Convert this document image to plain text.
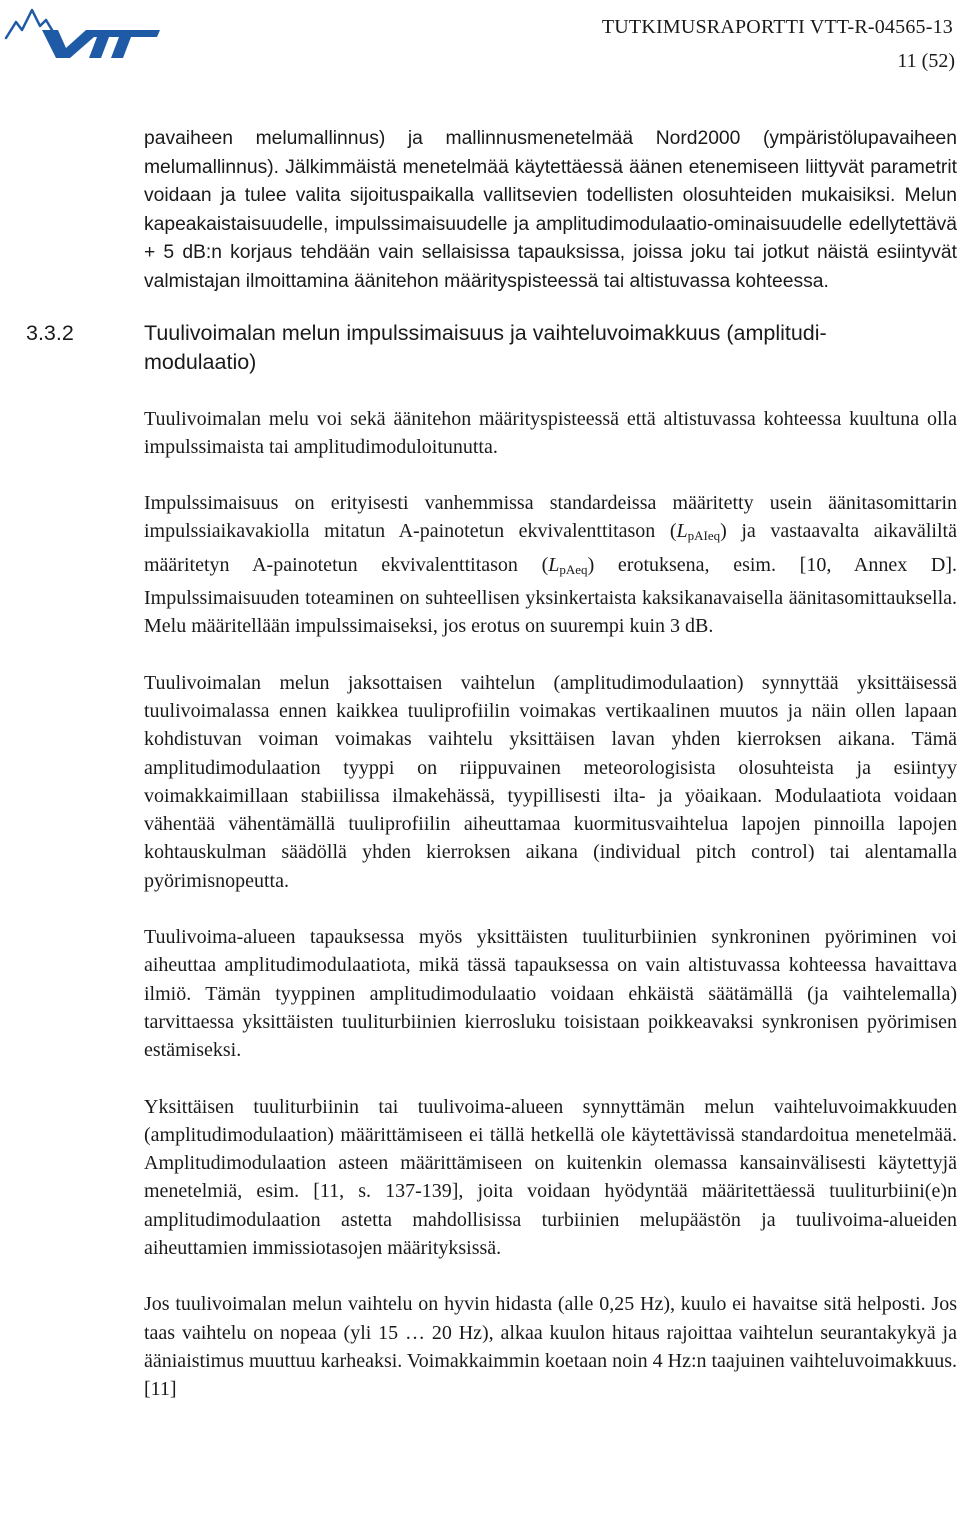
TUTKIMUSRAPORTTI VTT-R-04565-13
11 (52)

pavaiheen melumallinnus) ja mallinnusmenetelmää Nord2000 (ympäristölupavaiheen melumallinnus). Jälkimmäistä menetelmää käytettäessä äänen etenemiseen liittyvät parametrit voidaan ja tulee valita sijoituspaikalla vallitsevien todellisten olosuhteiden mukaisiksi. Melun kapeakaistaisuudelle, impulssimaisuudelle ja amplitudimodulaatio-ominaisuudelle edellytettävä + 5 dB:n korjaus tehdään vain sellaisissa tapauksissa, joissa joku tai jotkut näistä esiintyvät valmistajan ilmoittamina äänitehon määrityspisteessä tai altistuvassa kohteessa.

3.3.2	Tuulivoimalan melun impulssimaisuus ja vaihteluvoimakkuus (amplitudimodulaatio)

Tuulivoimalan melu voi sekä äänitehon määrityspisteessä että altistuvassa kohteessa kuultuna olla impulssimaista tai amplitudimoduloitunutta.

Impulssimaisuus on erityisesti vanhemmissa standardeissa määritetty usein äänitasomittarin impulssiaikavakiolla mitatun A-painotetun ekvivalenttitason $(L_{pAIeq})$ ja vastaavalta aikaväliltä määritetyn A-painotetun ekvivalenttitason $(L_{pAeq})$ erotuksena, esim. [10, Annex D]. Impulssimaisuuden toteaminen on suhteellisen yksinkertaista kaksikanavaisella äänitasomittauksella. Melu määritellään impulssimaiseksi, jos erotus on suurempi kuin 3 dB.

Tuulivoimalan melun jaksottaisen vaihtelun (amplitudimodulaation) synnyttää yksittäisessä tuulivoimalassa ennen kaikkea tuuliprofiilin voimakas vertikaalinen muutos ja näin ollen lapaan kohdistuvan voiman voimakas vaihtelu yksittäisen lavan yhden kierroksen aikana. Tämä amplitudimodulaation tyyppi on riippuvainen meteorologisista olosuhteista ja esiintyy voimakkaimillaan stabiilissa ilmakehässä, tyypillisesti ilta- ja yöaikaan. Modulaatiota voidaan vähentää vähentämällä tuuliprofiilin aiheuttamaa kuormitusvaihtelua lapojen pinnoilla lapojen kohtauskulman säädöllä yhden kierroksen aikana (individual pitch control) tai alentamalla pyörimisnopeutta.

Tuulivoima-alueen tapauksessa myös yksittäisten tuuliturbiinien synkroninen pyöriminen voi aiheuttaa amplitudimodulaatiota, mikä tässä tapauksessa on vain altistuvassa kohteessa havaittava ilmiö. Tämän tyyppinen amplitudimodulaatio voidaan ehkäistä säätämällä (ja vaihtelemalla) tarvittaessa yksittäisten tuuliturbiinien kierrosluku toisistaan poikkeavaksi synkronisen pyörimisen estämiseksi.

Yksittäisen tuuliturbiinin tai tuulivoima-alueen synnyttämän melun vaihteluvoimakkuuden (amplitudimodulaation) määrittämiseen ei tällä hetkellä ole käytettävissä standardoitua menetelmää. Amplitudimodulaation asteen määrittämiseen on kuitenkin olemassa kansainvälisesti käytettyjä menetelmiä, esim. [11, s. 137-139], joita voidaan hyödyntää määritettäessä tuuliturbiini(e)n amplitudimodulaation astetta mahdollisissa turbiinien melupäästön ja tuulivoima-alueiden aiheuttamien immissiotasojen määrityksissä.

Jos tuulivoimalan melun vaihtelu on hyvin hidasta (alle 0,25 Hz), kuulo ei havaitse sitä helposti. Jos taas vaihtelu on nopeaa (yli 15 … 20 Hz), alkaa kuulon hitaus rajoittaa vaihtelun seurantakykyä ja ääniaistimus muuttuu karheaksi. Voimakkaimmin koetaan noin 4 Hz:n taajuinen vaihteluvoimakkuus. [11]
